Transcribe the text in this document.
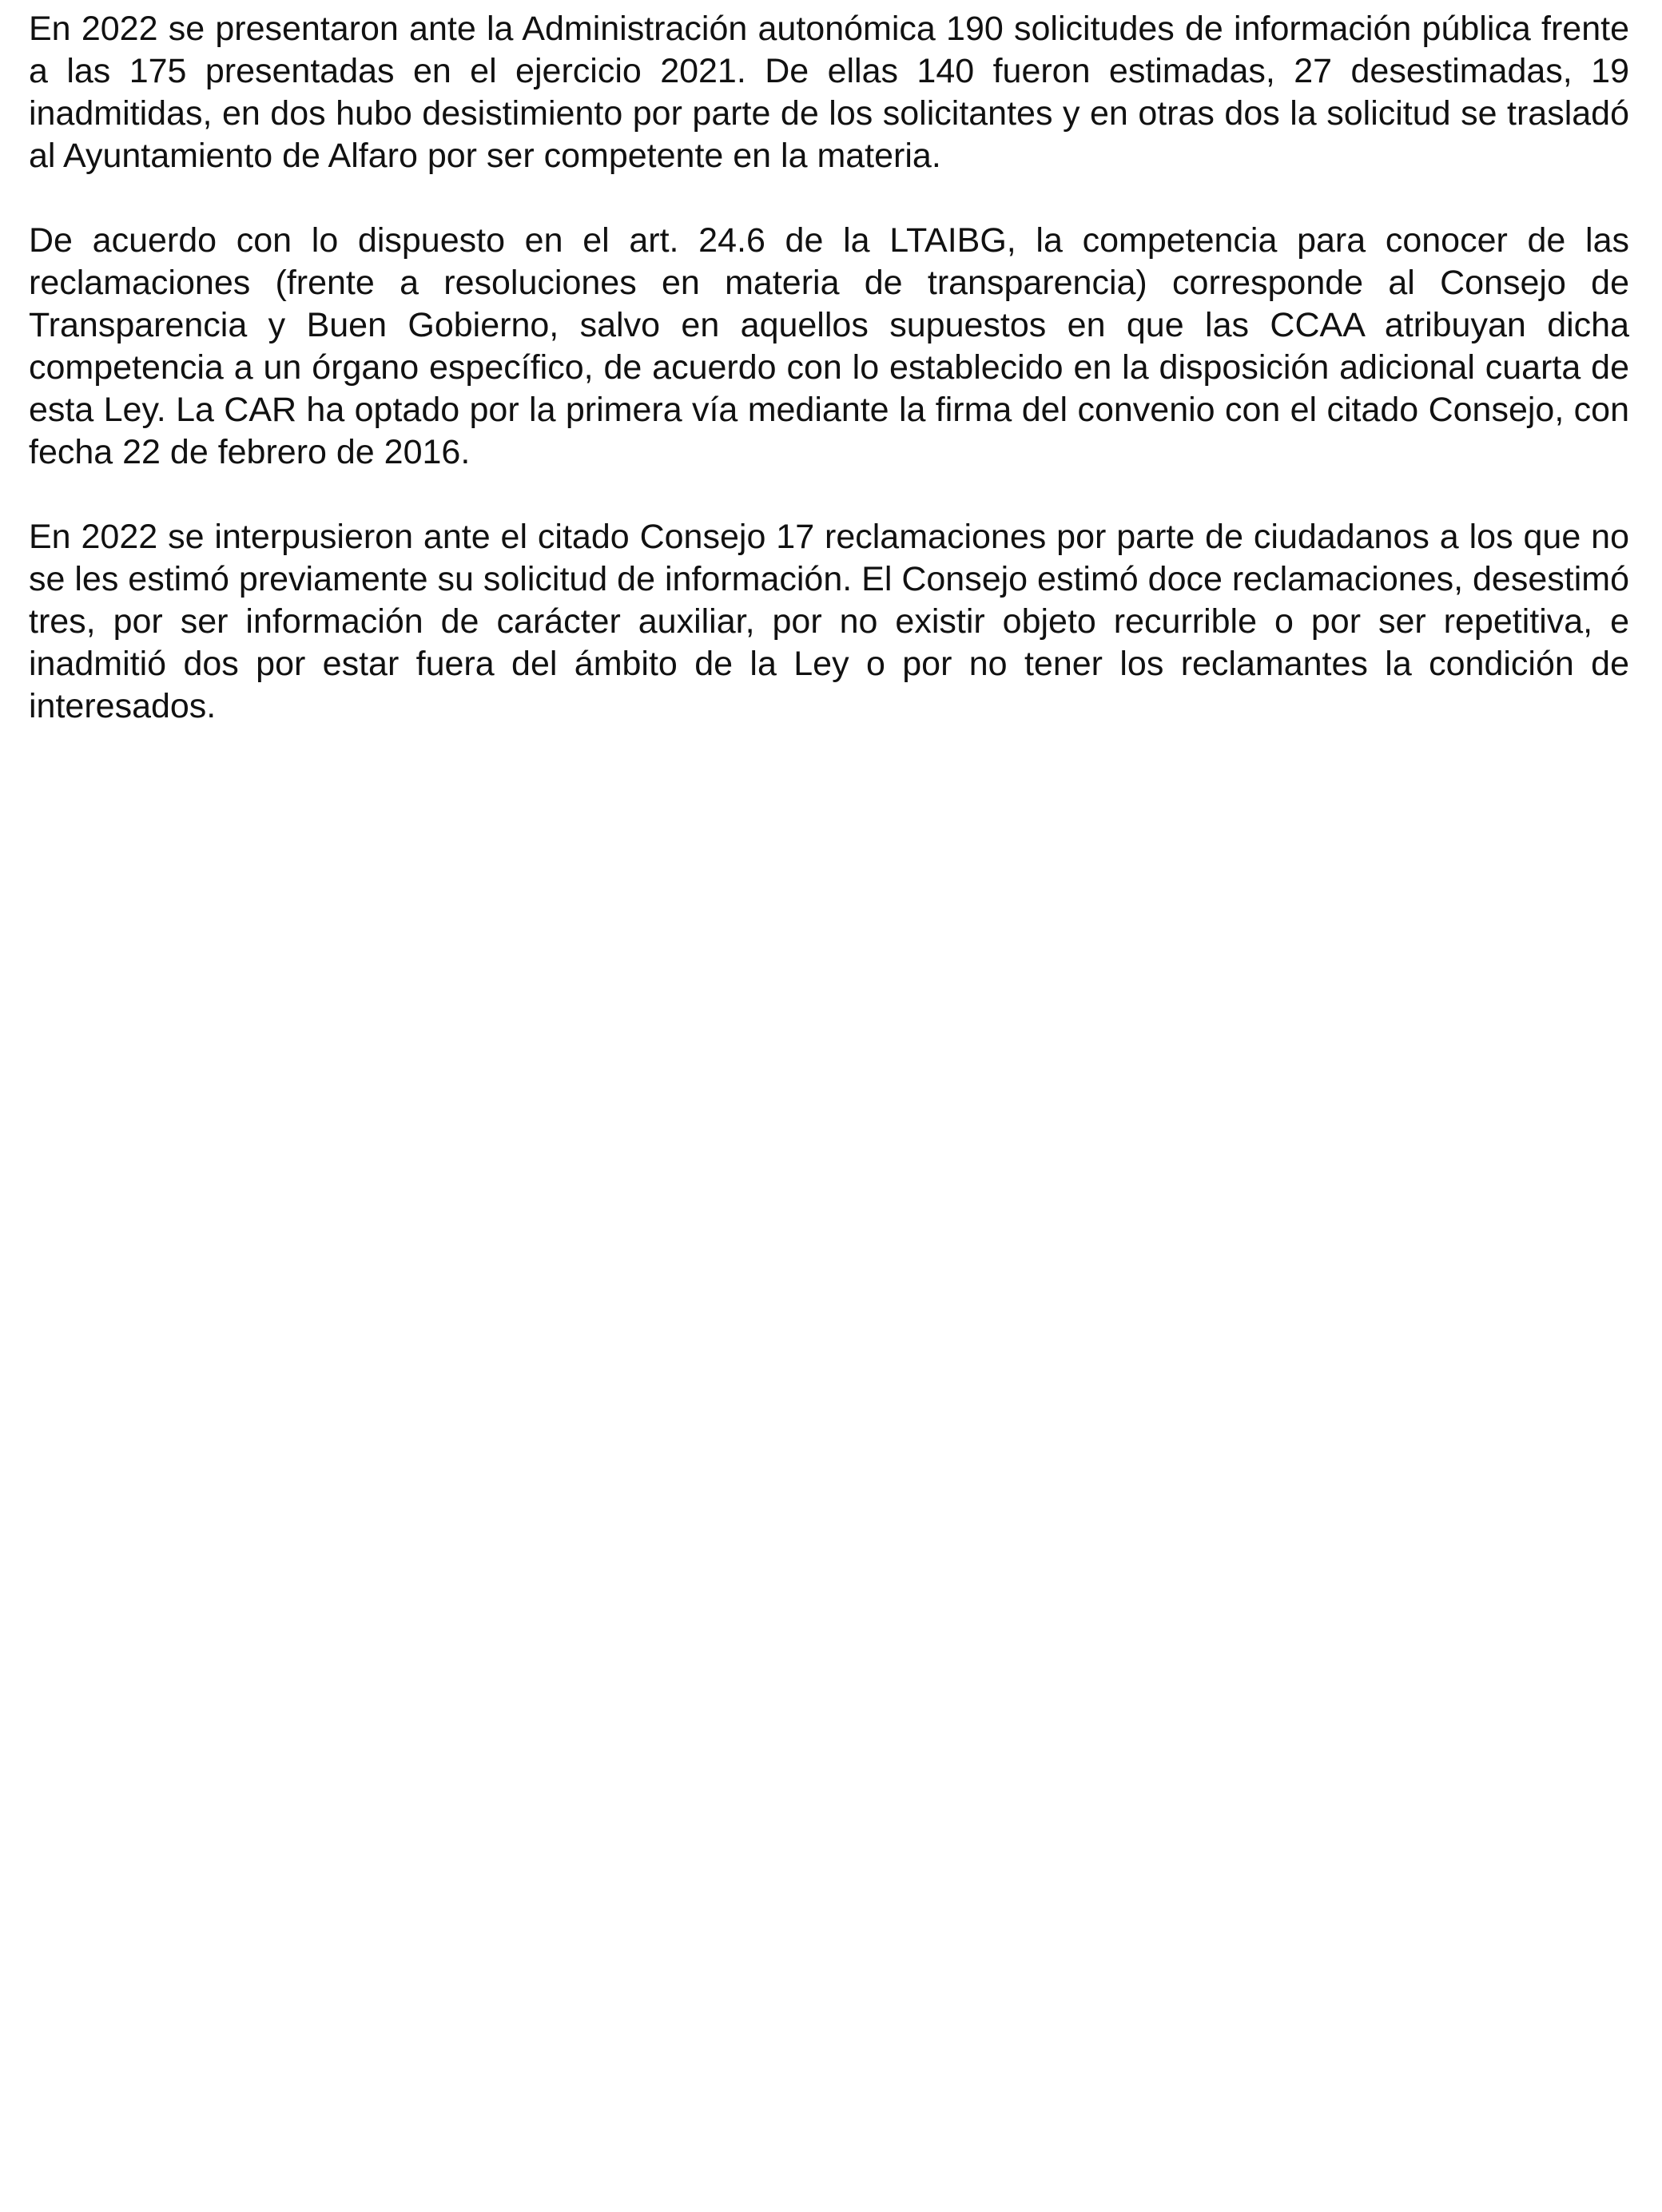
En 2022 se presentaron ante la Administración autonómica 190 solicitudes de información pública frente a las 175 presentadas en el ejercicio 2021. De ellas 140 fueron estimadas, 27 desestimadas, 19 inadmitidas, en dos hubo desistimiento por parte de los solicitantes y en otras dos la solicitud se trasladó al Ayuntamiento de Alfaro por ser competente en la materia.

De acuerdo con lo dispuesto en el art. 24.6 de la LTAIBG, la competencia para conocer de las reclamaciones (frente a resoluciones en materia de transparencia) corresponde al Consejo de Transparencia y Buen Gobierno, salvo en aquellos supuestos en que las CCAA atribuyan dicha competencia a un órgano específico, de acuerdo con lo establecido en la disposición adicional cuarta de esta Ley. La CAR ha optado por la primera vía mediante la firma del convenio con el citado Consejo, con fecha 22 de febrero de 2016.

En 2022 se interpusieron ante el citado Consejo 17 reclamaciones por parte de ciudadanos a los que no se les estimó previamente su solicitud de información. El Consejo estimó doce reclamaciones, desestimó tres, por ser información de carácter auxiliar, por no existir objeto recurrible o por ser repetitiva, e inadmitió dos por estar fuera del ámbito de la Ley o por no tener los reclamantes la condición de interesados.
